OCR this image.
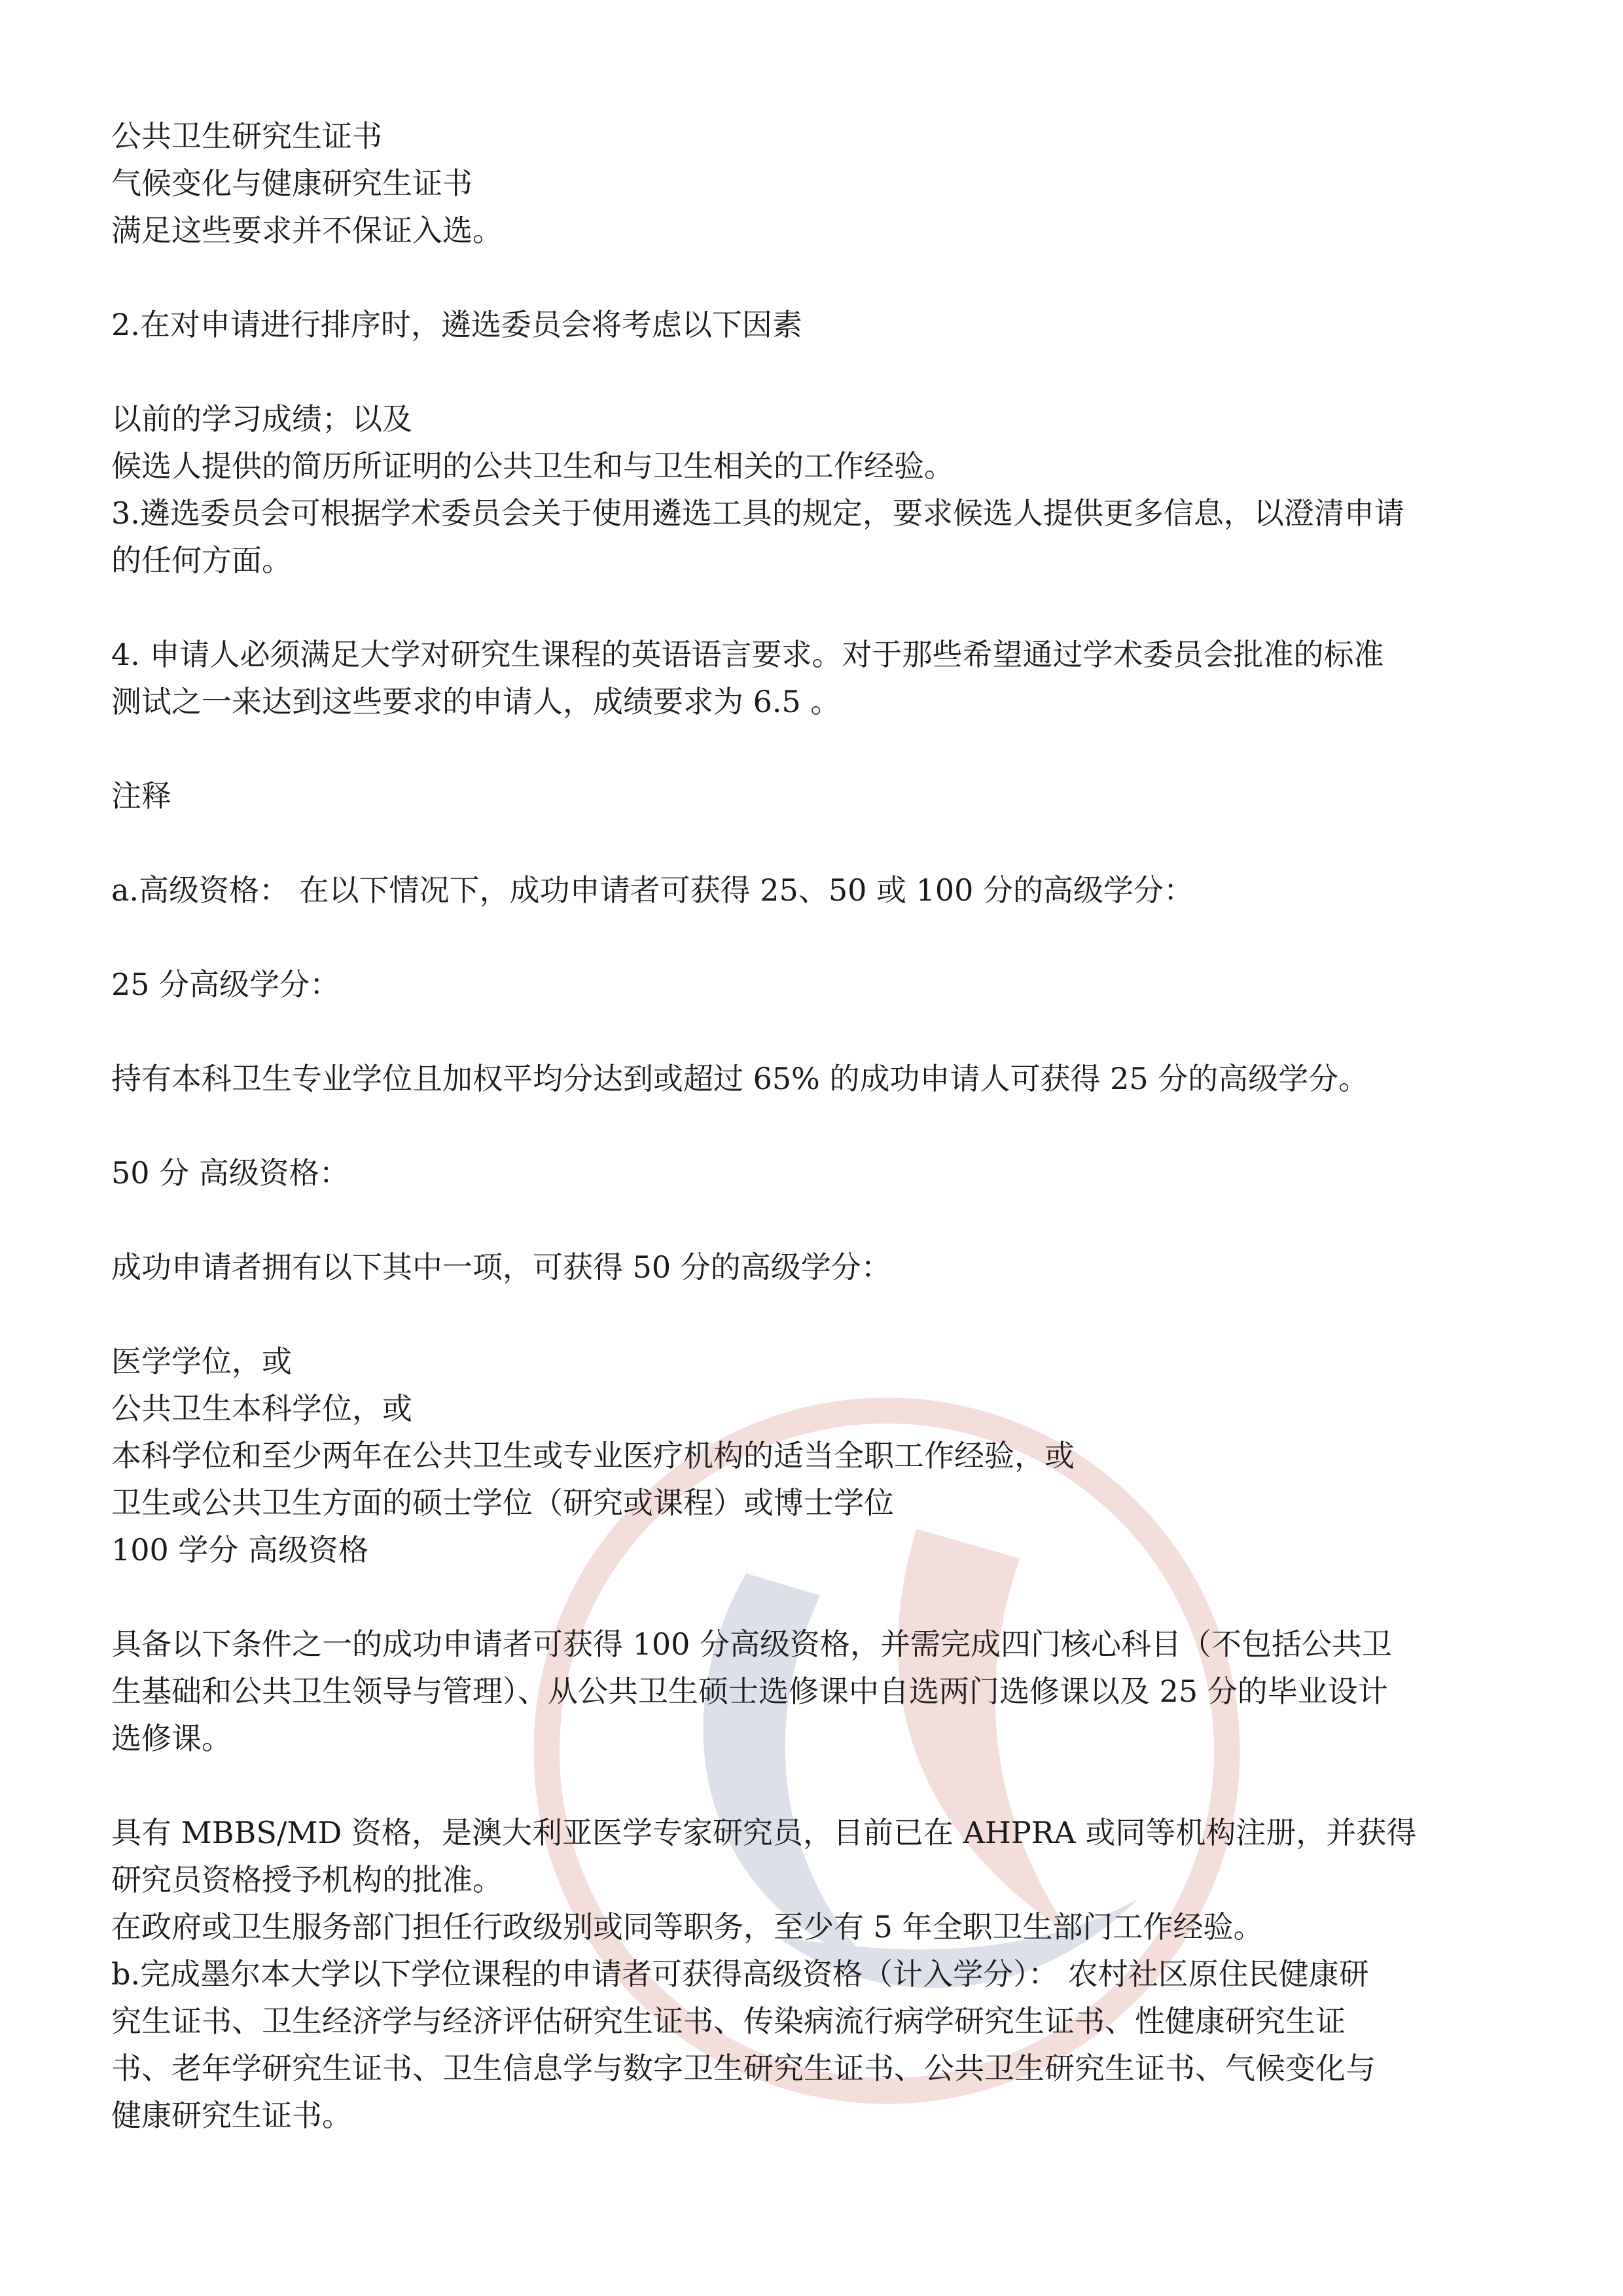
公共卫生研究生证书

气候变化与健康研究生证书

满足这些要求并不保证入选。

2.在对申请进行排序时，遴选委员会将考虑以下因素

以前的学习成绩；以及

候选人提供的简历所证明的公共卫生和与卫生相关的工作经验。

3.遴选委员会可根据学术委员会关于使用遴选工具的规定，要求候选人提供更多信息，以澄清申请

的任何方面。

4. 申请人必须满足大学对研究生课程的英语语言要求。对于那些希望通过学术委员会批准的标准

测试之一来达到这些要求的申请人，成绩要求为 6.5 。

注释

a.高级资格： 在以下情况下，成功申请者可获得 25、50 或 100 分的高级学分：

25 分高级学分：

持有本科卫生专业学位且加权平均分达到或超过 65% 的成功申请人可获得 25 分的高级学分。

50 分 高级资格：

成功申请者拥有以下其中一项，可获得 50 分的高级学分：

医学学位，或

公共卫生本科学位，或

本科学位和至少两年在公共卫生或专业医疗机构的适当全职工作经验，或

卫生或公共卫生方面的硕士学位（研究或课程）或博士学位

100 学分 高级资格

具备以下条件之一的成功申请者可获得 100 分高级资格，并需完成四门核心科目（不包括公共卫

生基础和公共卫生领导与管理）、从公共卫生硕士选修课中自选两门选修课以及 25 分的毕业设计

选修课。

具有 MBBS/MD 资格，是澳大利亚医学专家研究员，目前已在 AHPRA 或同等机构注册，并获得

研究员资格授予机构的批准。

在政府或卫生服务部门担任行政级别或同等职务，至少有 5 年全职卫生部门工作经验。

b.完成墨尔本大学以下学位课程的申请者可获得高级资格（计入学分）： 农村社区原住民健康研

究生证书、卫生经济学与经济评估研究生证书、传染病流行病学研究生证书、性健康研究生证

书、老年学研究生证书、卫生信息学与数字卫生研究生证书、公共卫生研究生证书、气候变化与

健康研究生证书。
